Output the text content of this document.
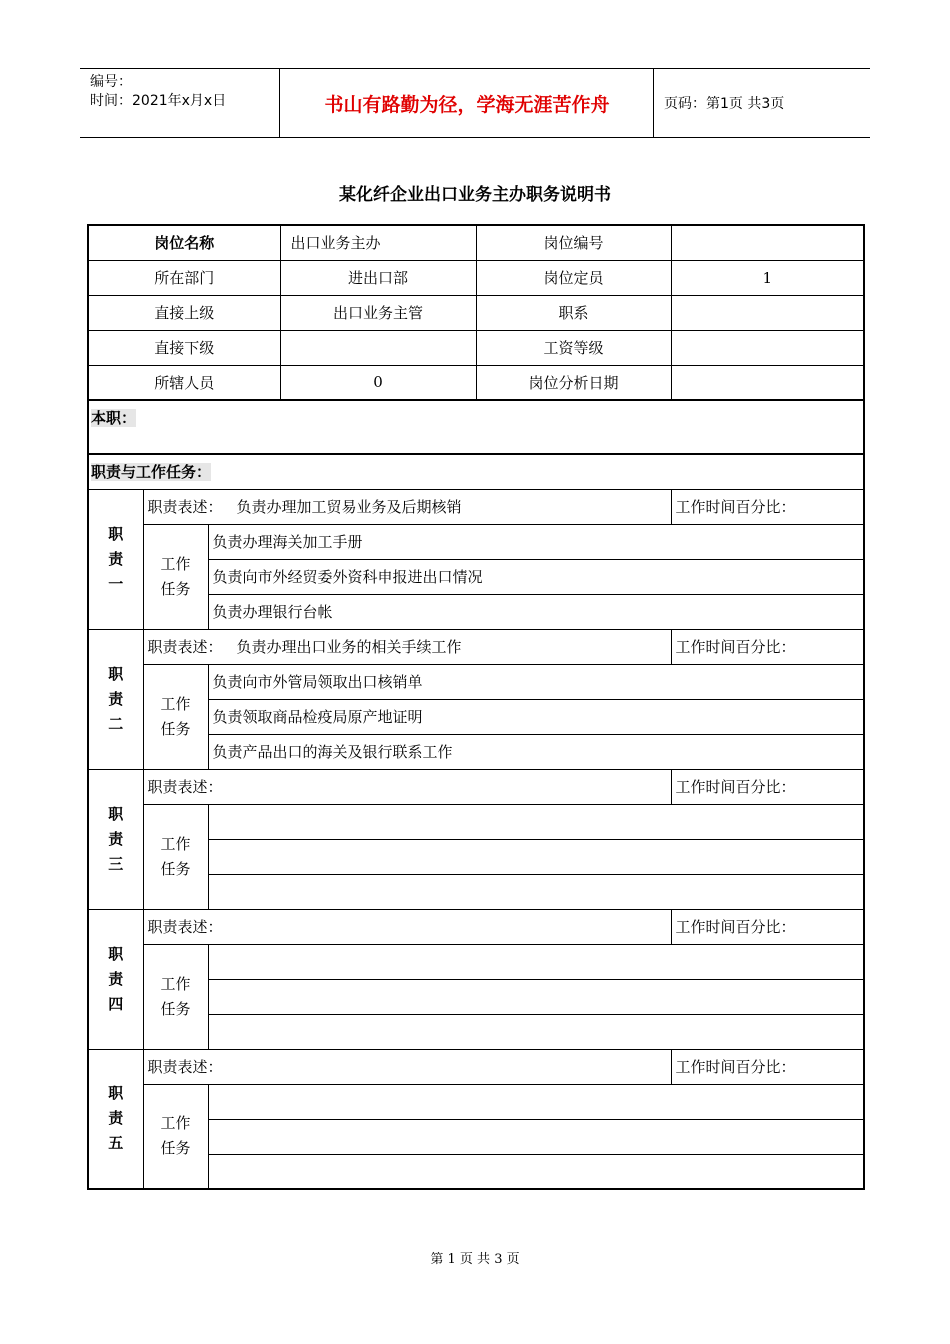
编号：
时间：2021年x月x日	书山有路勤为径，学海无涯苦作舟	页码：第1页 共3页
某化纤企业出口业务主办职务说明书
岗位名称			出口业务主办	岗位编号	
所在部门			进出口部	岗位定员	1
直接上级			出口业务主管	职系	
直接下级				工资等级	
所辖人员			0	岗位分析日期	
本职：					
职责与工作任务：					

职
责
一	职责表述： 负责办理加工贸易业务及后期核销				工作时间百分比：

	工作
任务	负责办理海关加工手册			
		负责向市外经贸委外资科申报进出口情况			
		负责办理银行台帐			

职
责
二	职责表述： 负责办理出口业务的相关手续工作				工作时间百分比：

	工作
任务	负责向市外管局领取出口核销单			
		负责领取商品检疫局原产地证明			
		负责产品出口的海关及银行联系工作			

职
责
三	职责表述：				工作时间百分比：

	工作
任务				

职
责
四	职责表述：				工作时间百分比：

	工作
任务				

职
责
五	职责表述：				工作时间百分比：

	工作
任务				

第 1 页 共 3 页
